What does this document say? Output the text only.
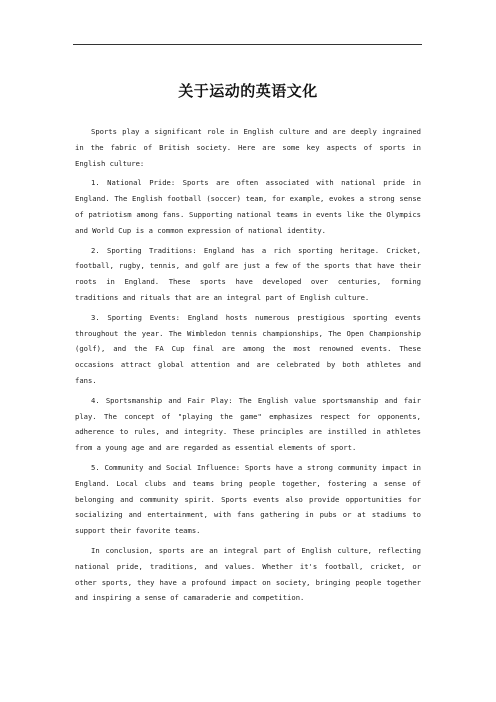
关于运动的英语文化

Sports play a significant role in English culture and are deeply ingrained in the fabric of British society. Here are some key aspects of sports in English culture:

1. National Pride: Sports are often associated with national pride in England. The English football (soccer) team, for example, evokes a strong sense of patriotism among fans. Supporting national teams in events like the Olympics and World Cup is a common expression of national identity.

2. Sporting Traditions: England has a rich sporting heritage. Cricket, football, rugby, tennis, and golf are just a few of the sports that have their roots in England. These sports have developed over centuries, forming traditions and rituals that are an integral part of English culture.

3. Sporting Events: England hosts numerous prestigious sporting events throughout the year. The Wimbledon tennis championships, The Open Championship (golf), and the FA Cup final are among the most renowned events. These occasions attract global attention and are celebrated by both athletes and fans.

4. Sportsmanship and Fair Play: The English value sportsmanship and fair play. The concept of "playing the game" emphasizes respect for opponents, adherence to rules, and integrity. These principles are instilled in athletes from a young age and are regarded as essential elements of sport.

5. Community and Social Influence: Sports have a strong community impact in England. Local clubs and teams bring people together, fostering a sense of belonging and community spirit. Sports events also provide opportunities for socializing and entertainment, with fans gathering in pubs or at stadiums to support their favorite teams.

In conclusion, sports are an integral part of English culture, reflecting national pride, traditions, and values. Whether it's football, cricket, or other sports, they have a profound impact on society, bringing people together and inspiring a sense of camaraderie and competition.
